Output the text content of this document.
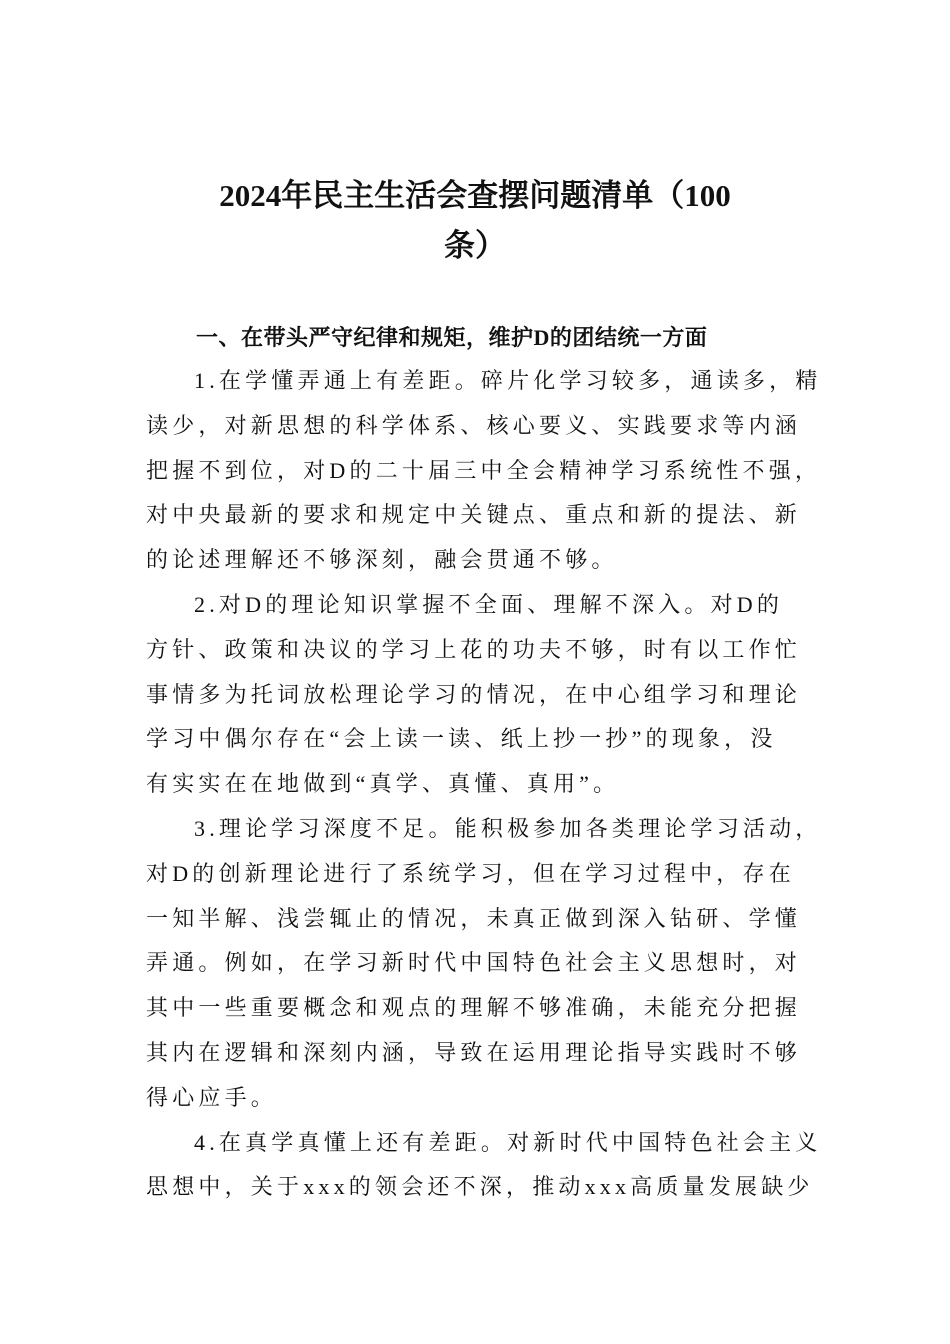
2024年民主生活会查摆问题清单（100
条）
一、在带头严守纪律和规矩，维护D的团结统一方面
1.在学懂弄通上有差距。碎片化学习较多，通读多，精
读少，对新思想的科学体系、核心要义、实践要求等内涵
把握不到位，对D的二十届三中全会精神学习系统性不强，
对中央最新的要求和规定中关键点、重点和新的提法、新
的论述理解还不够深刻，融会贯通不够。
2.对D的理论知识掌握不全面、理解不深入。对D的
方针、政策和决议的学习上花的功夫不够，时有以工作忙
事情多为托词放松理论学习的情况，在中心组学习和理论
学习中偶尔存在“会上读一读、纸上抄一抄”的现象，没
有实实在在地做到“真学、真懂、真用”。
3.理论学习深度不足。能积极参加各类理论学习活动，
对D的创新理论进行了系统学习，但在学习过程中，存在
一知半解、浅尝辄止的情况，未真正做到深入钻研、学懂
弄通。例如，在学习新时代中国特色社会主义思想时，对
其中一些重要概念和观点的理解不够准确，未能充分把握
其内在逻辑和深刻内涵，导致在运用理论指导实践时不够
得心应手。
4.在真学真懂上还有差距。对新时代中国特色社会主义
思想中，关于xxx的领会还不深，推动xxx高质量发展缺少
